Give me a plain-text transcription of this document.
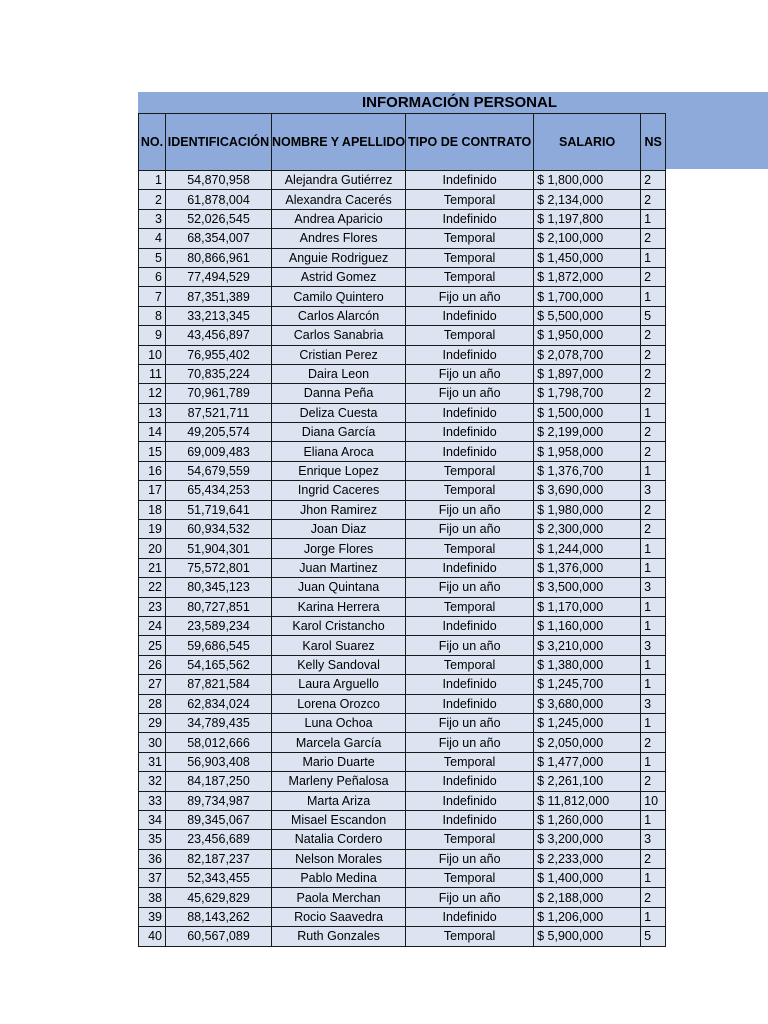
INFORMACIÓN PERSONAL
NO.	IDENTIFICACIÓN	NOMBRE Y APELLIDO	TIPO DE CONTRATO	SALARIO	NS
1	54,870,958	Alejandra Gutiérrez	Indefinido	$ 1,800,000	2
2	61,878,004	Alexandra Cacerés	Temporal	$ 2,134,000	2
3	52,026,545	Andrea Aparicio	Indefinido	$ 1,197,800	1
4	68,354,007	Andres Flores	Temporal	$ 2,100,000	2
5	80,866,961	Anguie Rodriguez	Temporal	$ 1,450,000	1
6	77,494,529	Astrid Gomez	Temporal	$ 1,872,000	2
7	87,351,389	Camilo Quintero	Fijo un año	$ 1,700,000	1
8	33,213,345	Carlos Alarcón	Indefinido	$ 5,500,000	5
9	43,456,897	Carlos Sanabria	Temporal	$ 1,950,000	2
10	76,955,402	Cristian Perez	Indefinido	$ 2,078,700	2
11	70,835,224	Daira Leon	Fijo un año	$ 1,897,000	2
12	70,961,789	Danna Peña	Fijo un año	$ 1,798,700	2
13	87,521,711	Deliza Cuesta	Indefinido	$ 1,500,000	1
14	49,205,574	Diana García	Indefinido	$ 2,199,000	2
15	69,009,483	Eliana Aroca	Indefinido	$ 1,958,000	2
16	54,679,559	Enrique Lopez	Temporal	$ 1,376,700	1
17	65,434,253	Ingrid Caceres	Temporal	$ 3,690,000	3
18	51,719,641	Jhon Ramirez	Fijo un año	$ 1,980,000	2
19	60,934,532	Joan Diaz	Fijo un año	$ 2,300,000	2
20	51,904,301	Jorge Flores	Temporal	$ 1,244,000	1
21	75,572,801	Juan Martinez	Indefinido	$ 1,376,000	1
22	80,345,123	Juan Quintana	Fijo un año	$ 3,500,000	3
23	80,727,851	Karina Herrera	Temporal	$ 1,170,000	1
24	23,589,234	Karol Cristancho	Indefinido	$ 1,160,000	1
25	59,686,545	Karol Suarez	Fijo un año	$ 3,210,000	3
26	54,165,562	Kelly Sandoval	Temporal	$ 1,380,000	1
27	87,821,584	Laura Arguello	Indefinido	$ 1,245,700	1
28	62,834,024	Lorena Orozco	Indefinido	$ 3,680,000	3
29	34,789,435	Luna Ochoa	Fijo un año	$ 1,245,000	1
30	58,012,666	Marcela García	Fijo un año	$ 2,050,000	2
31	56,903,408	Mario Duarte	Temporal	$ 1,477,000	1
32	84,187,250	Marleny Peñalosa	Indefinido	$ 2,261,100	2
33	89,734,987	Marta Ariza	Indefinido	$ 11,812,000	10
34	89,345,067	Misael Escandon	Indefinido	$ 1,260,000	1
35	23,456,689	Natalia Cordero	Temporal	$ 3,200,000	3
36	82,187,237	Nelson Morales	Fijo un año	$ 2,233,000	2
37	52,343,455	Pablo Medina	Temporal	$ 1,400,000	1
38	45,629,829	Paola Merchan	Fijo un año	$ 2,188,000	2
39	88,143,262	Rocio Saavedra	Indefinido	$ 1,206,000	1
40	60,567,089	Ruth Gonzales	Temporal	$ 5,900,000	5
